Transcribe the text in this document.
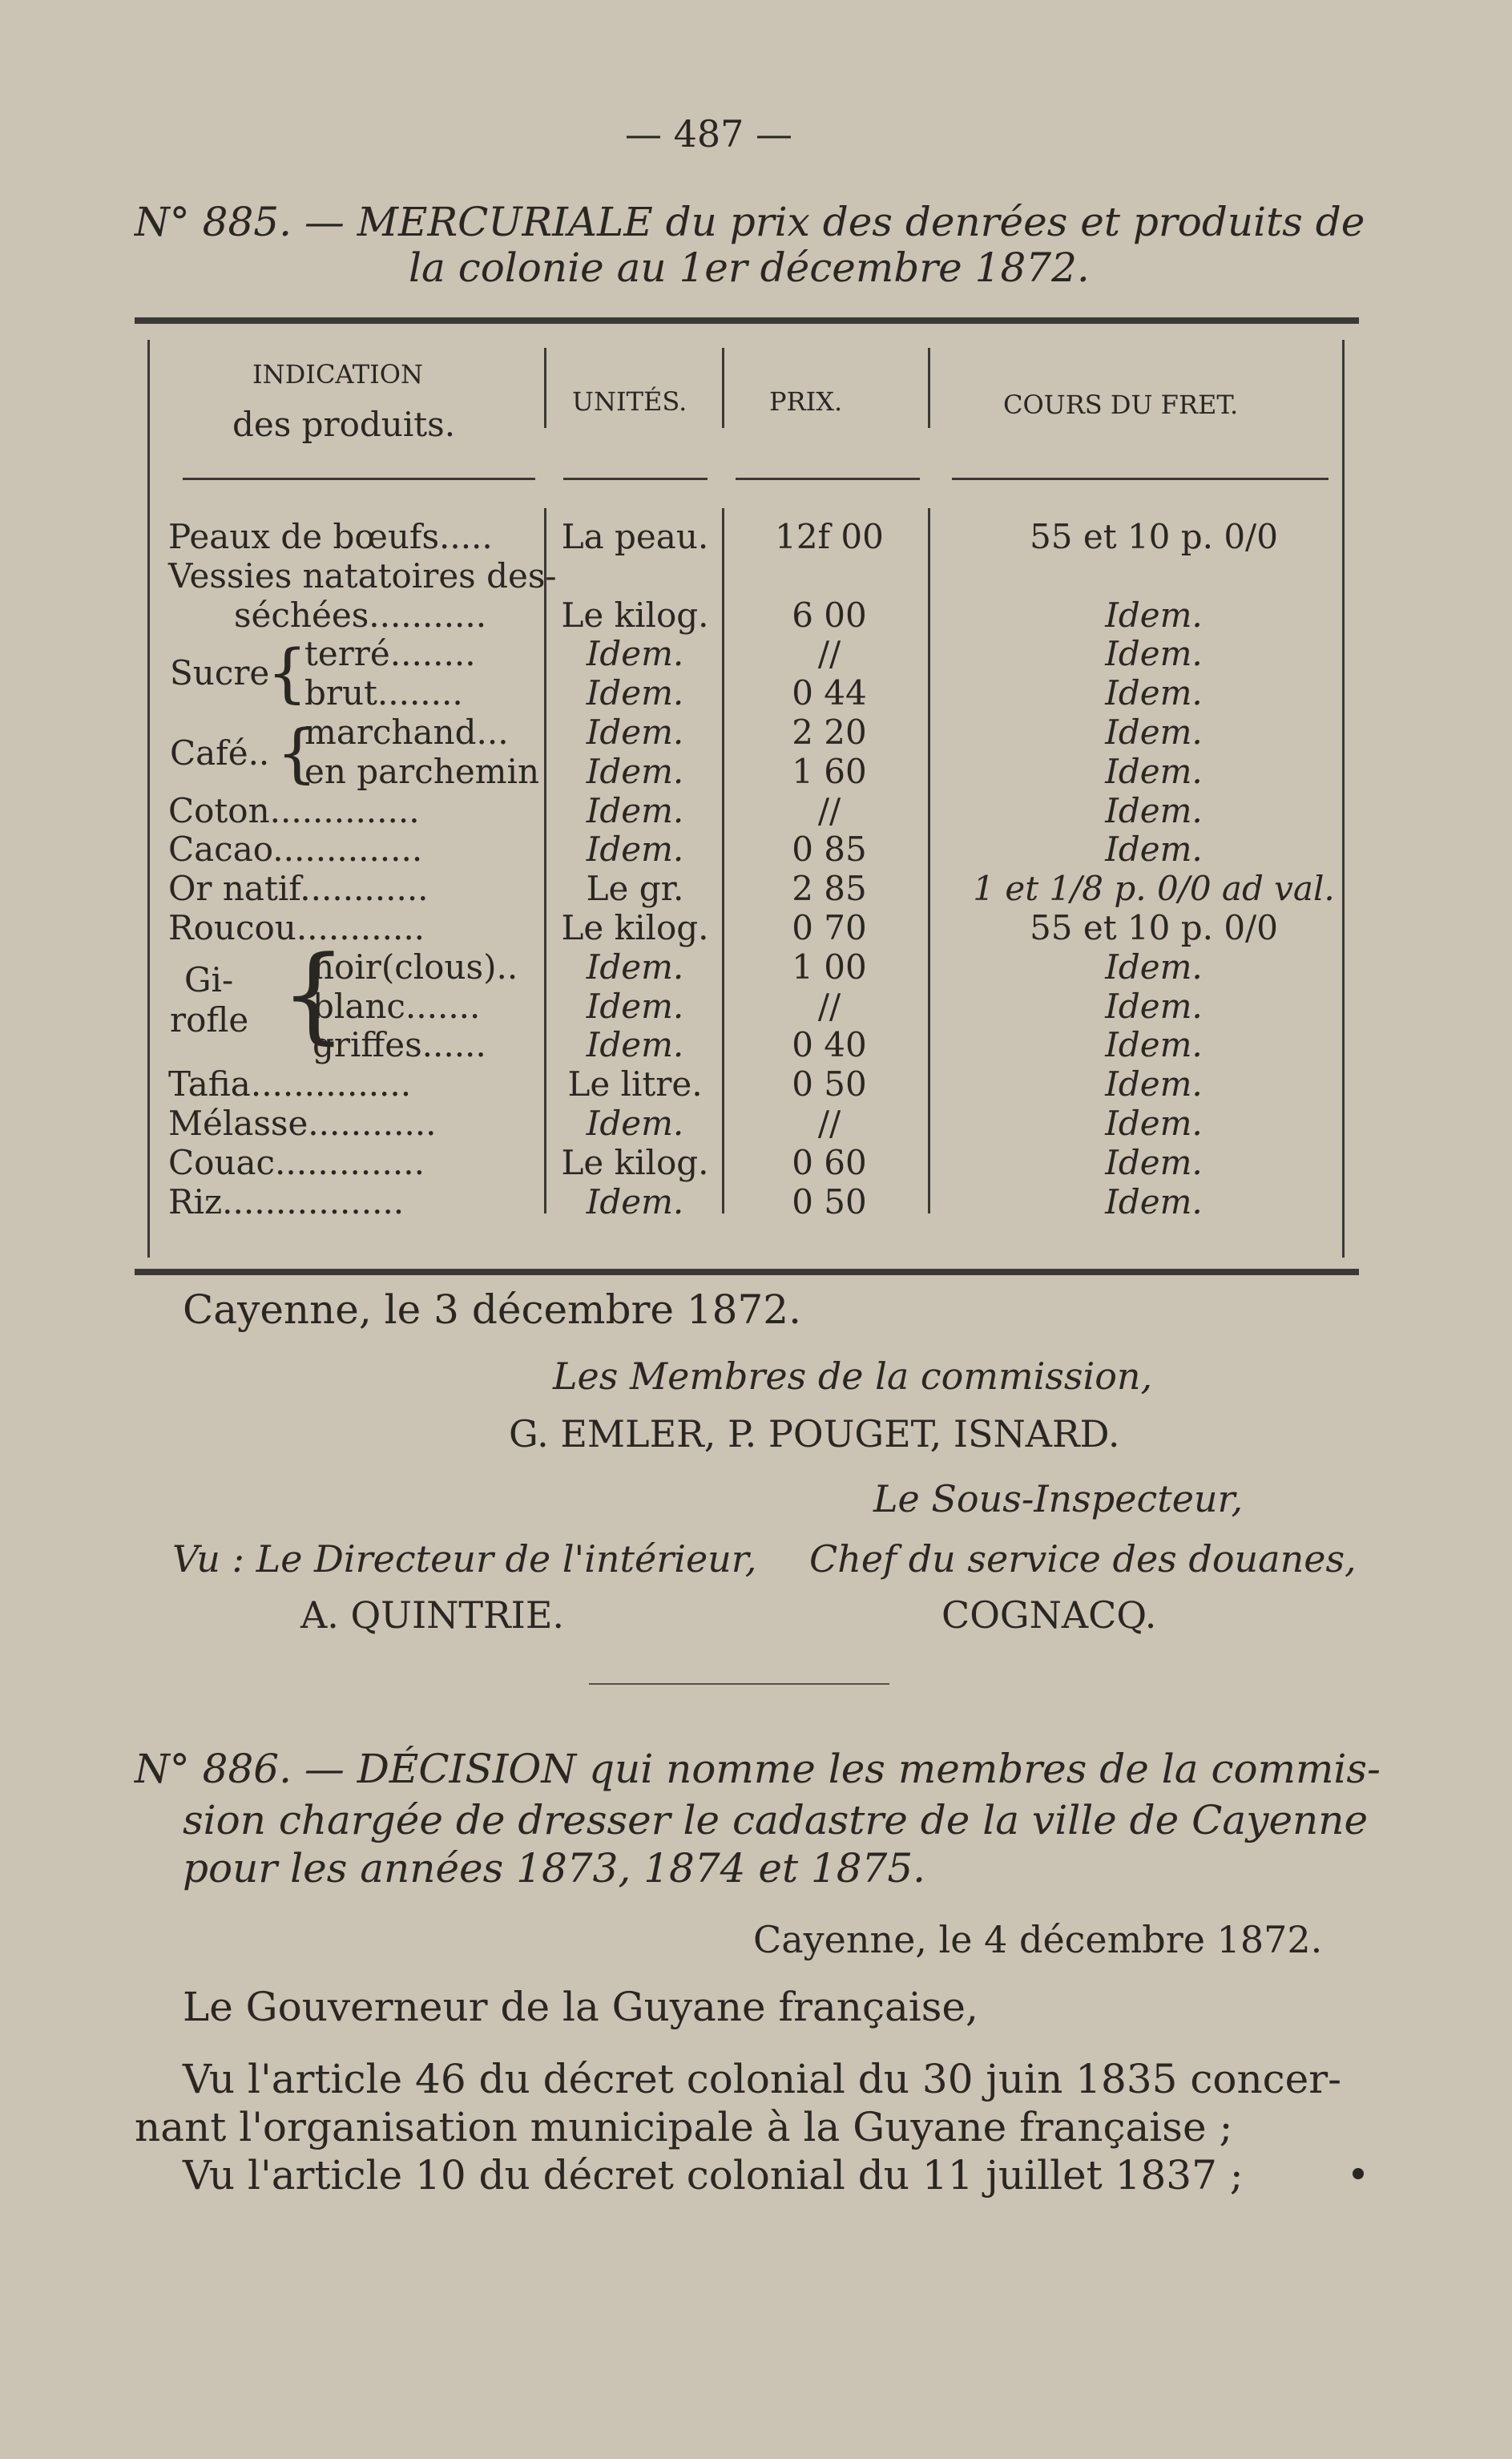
— 487 —
N° 885. — MERCURIALE du prix des denrées et produits de
la colonie au 1er décembre 1872.
INDICATION
des produits.
UNITÉS.	PRIX.	COURS DU FRET.
Sucre
{
Café.. {
Gi-
rofle {
Peaux de bœufs..... La peau.	12f 00	55 et 10 p. 0/0
Vessies natatoires des-
séchées........... Le kilog.	6 00	Idem.
terré........	Idem.	//	Idem.
brut........	Idem.	0 44	Idem.
marchand...	Idem.	2 20	Idem.
en parchemin	Idem.	1 60	Idem.
Coton..............	Idem.	//	Idem.
Cacao..............	Idem.	0 85	Idem.
Or natif............	Le gr.	2 85	1 et 1/8 p. 0/0 ad val.
Roucou............	Le kilog.	0 70	55 et 10 p. 0/0
noir(clous)..	Idem.	1 00	Idem.
blanc.......	Idem.	//	Idem.
griffes......	Idem.	0 40	Idem.
Tafia...............	Le litre.	0 50	Idem.
Mélasse............	Idem.	//	Idem.
Couac..............	Le kilog.	0 60	Idem.
Riz.................	Idem.	0 50	Idem.
Cayenne, le 3 décembre 1872.
Les Membres de la commission,
G. EMLER, P. POUGET, ISNARD.
Le Sous-Inspecteur,
Vu : Le Directeur de l'intérieur, Chef du service des douanes,
A. QUINTRIE.	COGNACQ.
N° 886. — DÉCISION qui nomme les membres de la commis-
sion chargée de dresser le cadastre de la ville de Cayenne
pour les années 1873, 1874 et 1875.
Cayenne, le 4 décembre 1872.
Le Gouverneur de la Guyane française,
Vu l'article 46 du décret colonial du 30 juin 1835 concer-
nant l'organisation municipale à la Guyane française ;
Vu l'article 10 du décret colonial du 11 juillet 1837 ;
